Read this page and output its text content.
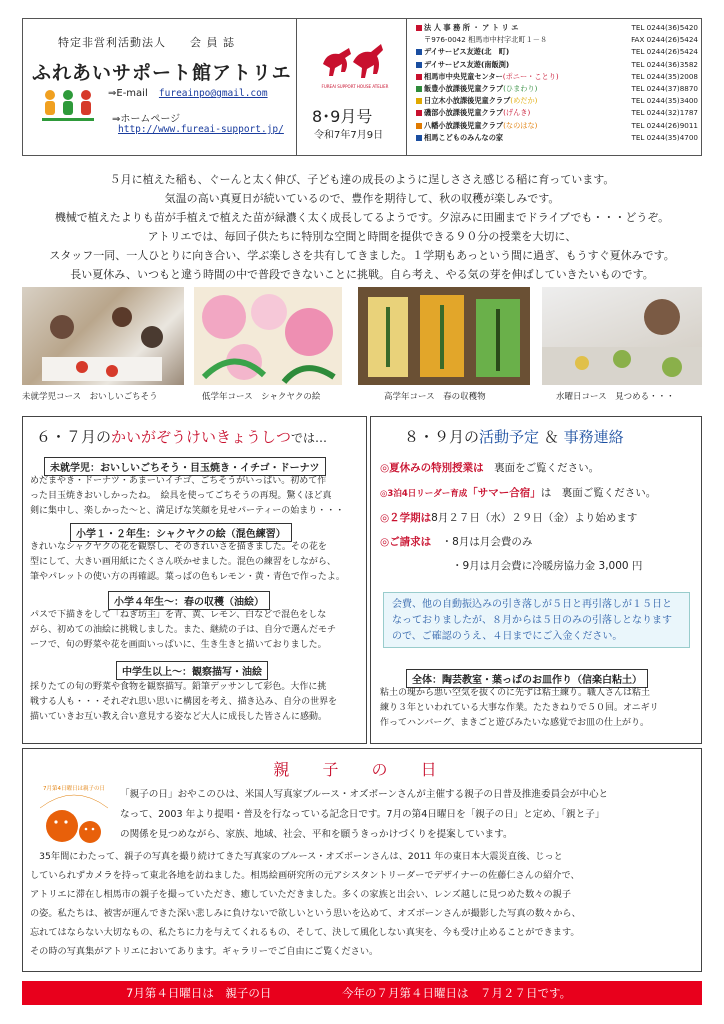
特定非営利活動法人　　会 員 誌
ふれあいサポート館アトリエ
⇒E-mail fureainpo@gmail.com
⇒ホームページ
http://www.fureai-support.jp/
FUREAI SUPPORT HOUSE ATELIER
8･9月号
令和7年7月9日
法 人 事 務 所 ・ ア ト リ エ	TEL 0244(36)5420
〒976-0042 相馬市中村字北町１－８	FAX 0244(26)5424
デイサービス友遊(北　町)	TEL 0244(26)5424
デイサービス友遊(南飯渕)	TEL 0244(36)3582
相馬市中央児童センター(ポニー・ことり)	TEL 0244(35)2008
飯豊小放課後児童クラブ(ひまわり)	TEL 0244(37)8870
日立木小放課後児童クラブ(めだか)	TEL 0244(35)3400
磯部小放課後児童クラブ(げんき)	TEL 0244(32)1787
八幡小放課後児童クラブ(なのはな)	TEL 0244(26)9011
相馬こどものみんなの家	TEL 0244(35)4700
５月に植えた稲も、ぐーんと太く伸び、子ども達の成長のように逞しささえ感じる稲に育っています。
気温の高い真夏日が続いているので、豊作を期待して、秋の収穫が楽しみです。
機械で植えたよりも苗が手植えで植えた苗が緑濃く太く成長してるようです。夕涼みに田圃までドライブでも・・・どうぞ。
アトリエでは、毎回子供たちに特別な空間と時間を提供できる９０分の授業を大切に、
スタッフ一同、一人ひとりに向き合い、学ぶ楽しさを共有してきました。１学期もあっという間に過ぎ、もうすぐ夏休みです。
長い夏休み、いつもと違う時間の中で普段できないことに挑戦。自ら考え、やる気の芽を伸ばしていきたいものです。
未就学児コース　おいしいごちそう	低学年コース　シャクヤクの絵	高学年コース　春の収穫物	水曜日コース　見つめる・・・
６・７月のかいがぞうけいきょうしつでは…
未就学児：おいしいごちそう・目玉焼き・イチゴ・ドーナツ
めだまやき・ドーナツ・あまーいイチゴ、ごちそうがいっぱい。初めて作
った目玉焼きおいしかったね。　絵具を使ってごちそうの再現。驚くほど真
剣に集中し、楽しかった～と、満足げな笑顔を見せパーティーの始まり・・・
小学１・２年生：シャクヤクの絵（混色練習）
きれいなシャクヤクの花を観察し、そのきれいさを描きました。その花を
型にして、大きい画用紙にたくさん咲かせました。混色の練習をしながら、
筆やパレットの使い方の再確認。葉っぱの色もレモン・黄・青色で作ったよ。
小学４年生～：春の収穫（油絵）
パスで下描きをして「ねぎ坊主」を青、黄、レモン、白などで混色をしな
がら、初めての油絵に挑戦しました。また、継続の子は、自分で選んだモチ
ーフで、旬の野菜や花を画面いっぱいに、生き生きと描いておりました。
中学生以上～：観察描写・油絵
採りたての旬の野菜や食物を観察描写。鉛筆デッサンして彩色。大作に挑
戦する人も・・・それぞれ思い思いに構図を考え、描き込み、自分の世界を
描いていきお互い教え合い意見する姿など大人に成長した皆さんに感動。
８・９月の活動予定 ＆ 事務連絡
◎夏休みの特別授業は　裏面をご覧ください。
◎3泊4日リーダー育成「サマー合宿」は　裏面ご覧ください。
◎２学期は8月２７日（水）２９日（金）より始めます
◎ご請求は　・8月は月会費のみ
・9月は月会費に冷暖房協力金 3,000 円
会費、他の自動振込みの引き落しが５日と再引落しが１５日となっておりましたが、８月からは５日のみの引落しとなりますので、ご確認のうえ、４日までにご入金ください。
全体：陶芸教室・葉っぱのお皿作り（信楽白粘土）
粘土の塊から悪い空気を抜くのに先ずは粘土練り。職人さんは粘土
練り３年といわれている大事な作業。たたきねりで５０回。オニギリ
作ってハンバーグ、まきごと遊びみたいな感覚でお皿の仕上がり。
親 子 の 日
7月第4日曜日は親子の日	「親子の日」おやこのひは、米国人写真家ブルース・オズボーンさんが主催する親子の日普及推進委員会が中心と
なって、2003 年より提唱・普及を行なっている記念日です。7月の第4日曜日を「親子の日」と定め、「親と子」
の関係を見つめながら、家族、地域、社会、平和を願うきっかけづくりを提案しています。
　35年間にわたって、親子の写真を撮り続けてきた写真家のブルース・オズボーンさんは、2011 年の東日本大震災直後、じっと
していられずカメラを持って東北各地を訪ねました。相馬絵画研究所の元アシスタントリーダーでデザイナーの佐藤仁さんの紹介で、
アトリエに滞在し相馬市の親子を撮っていただき、癒していただきました。多くの家族と出会い、レンズ越しに見つめた数々の親子
の姿。私たちは、被害が運んできた深い悲しみに負けないで欲しいという思いを込めて、オズボーンさんが撮影した写真の数々から、
忘れてはならない大切なもの、私たちに力を与えてくれるもの、そして、決して風化しない真実を、今も受け止めることができます。
その時の写真集がアトリエにおいてあります。ギャラリーでご自由にご覧ください。
7月第４日曜日は　親子の日	今年の７月第４日曜日は　７月２７日です。
